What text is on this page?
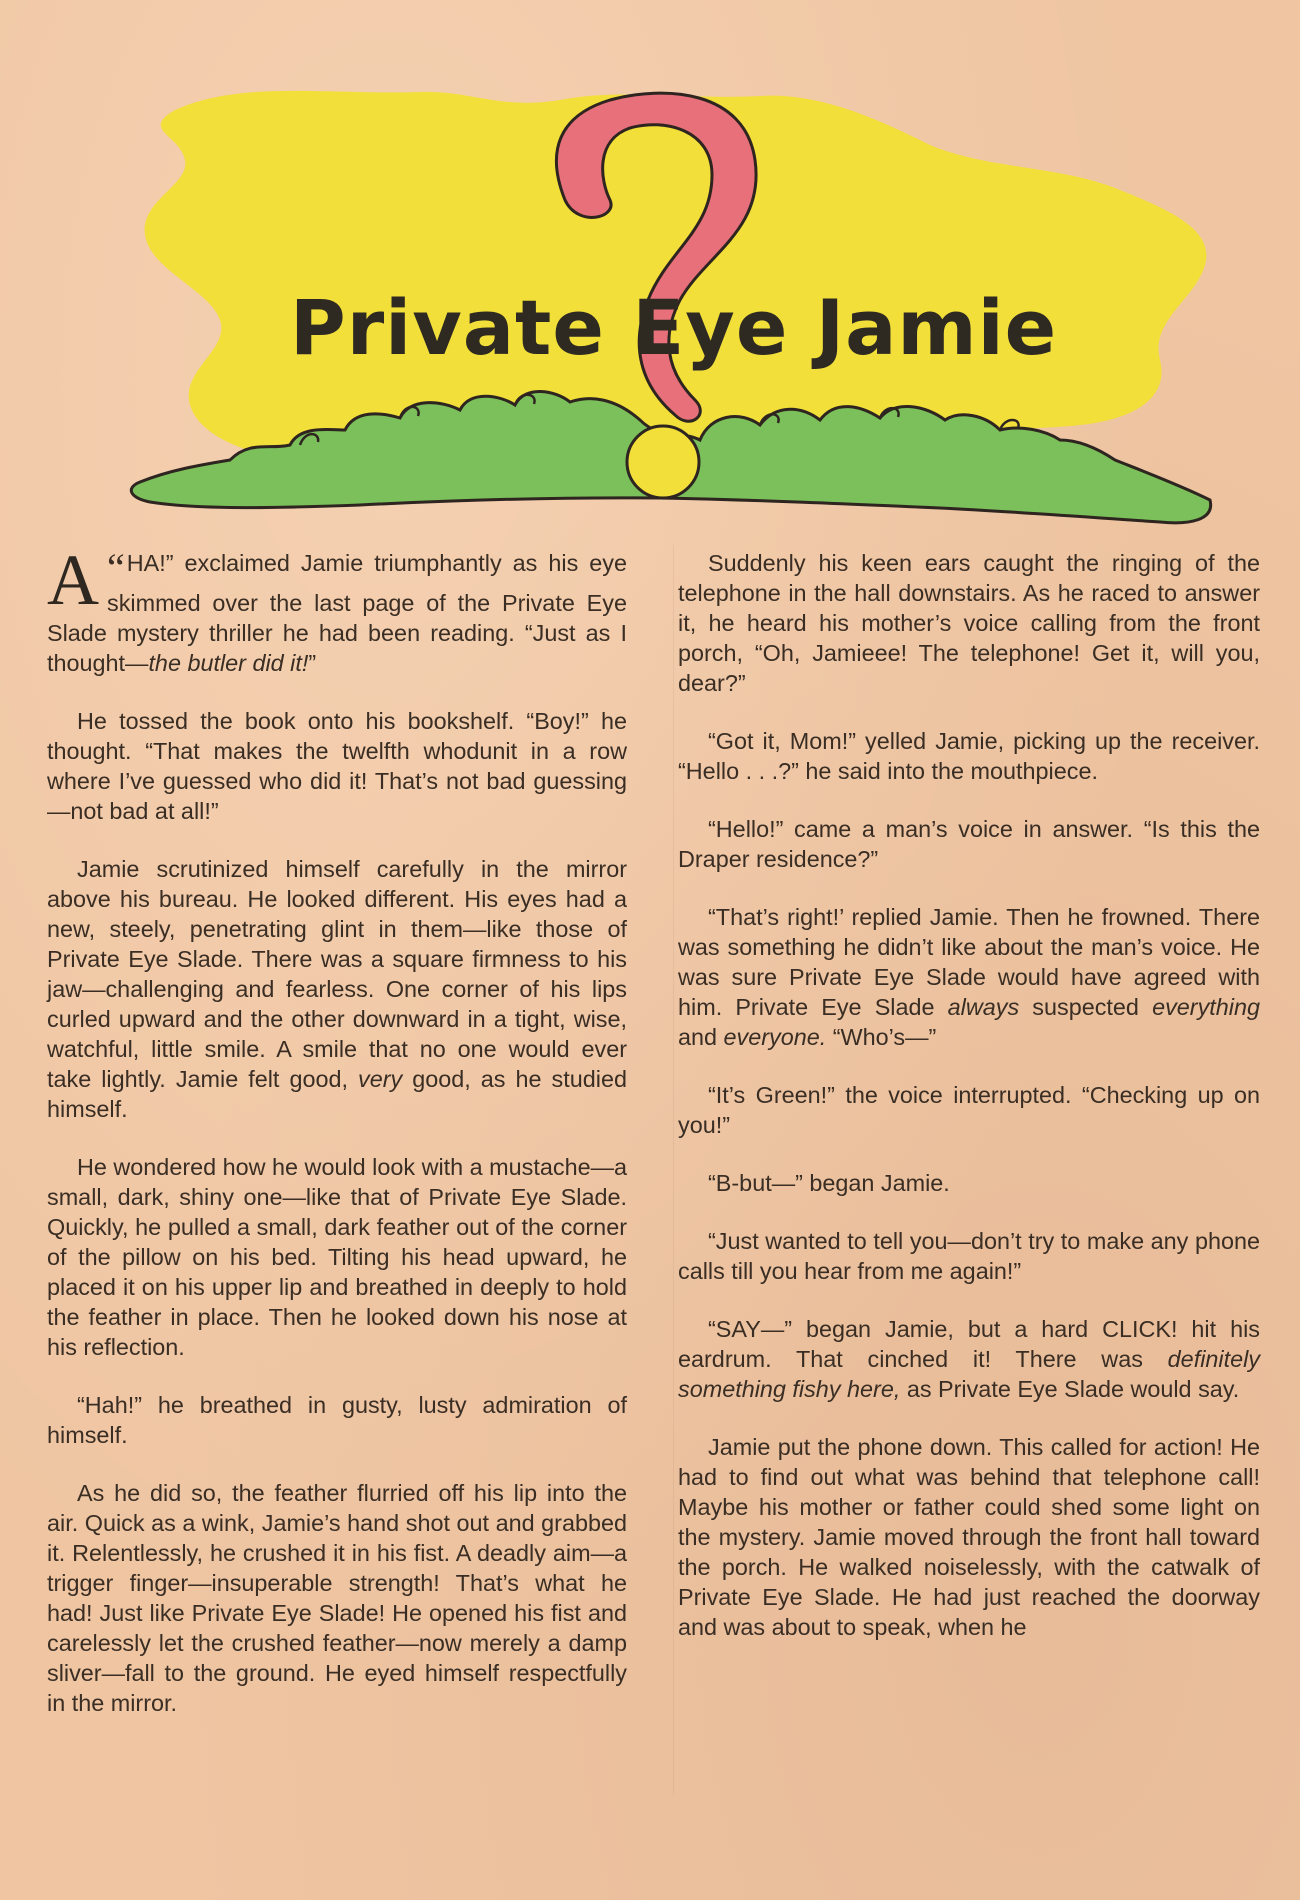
Private Eye Jamie

“
A HA!” exclaimed Jamie triumphantly as his eye skimmed over the last page of the Private Eye Slade mystery thriller he had been reading. “Just as I thought—the butler did it!”

He tossed the book onto his bookshelf. “Boy!” he thought. “That makes the twelfth whodunit in a row where I’ve guessed who did it! That’s not bad guessing—not bad at all!”

Jamie scrutinized himself carefully in the mirror above his bureau. He looked different. His eyes had a new, steely, penetrating glint in them—like those of Private Eye Slade. There was a square firmness to his jaw—challenging and fearless. One corner of his lips curled upward and the other downward in a tight, wise, watchful, little smile. A smile that no one would ever take lightly. Jamie felt good, very good, as he studied himself.

He wondered how he would look with a mustache—a small, dark, shiny one—like that of Private Eye Slade. Quickly, he pulled a small, dark feather out of the corner of the pillow on his bed. Tilting his head upward, he placed it on his upper lip and breathed in deeply to hold the feather in place. Then he looked down his nose at his reflection.

“Hah!” he breathed in gusty, lusty admiration of himself.

As he did so, the feather flurried off his lip into the air. Quick as a wink, Jamie’s hand shot out and grabbed it. Relentlessly, he crushed it in his fist. A deadly aim—a trigger finger—insuperable strength! That’s what he had! Just like Private Eye Slade! He opened his fist and carelessly let the crushed feather—now merely a damp sliver—fall to the ground. He eyed himself respectfully in the mirror.

Suddenly his keen ears caught the ringing of the telephone in the hall downstairs. As he raced to answer it, he heard his mother’s voice calling from the front porch, “Oh, Jamieee! The telephone! Get it, will you, dear?”

“Got it, Mom!” yelled Jamie, picking up the receiver. “Hello . . .?” he said into the mouthpiece.

“Hello!” came a man’s voice in answer. “Is this the Draper residence?”

“That’s right!’ replied Jamie. Then he frowned. There was something he didn’t like about the man’s voice. He was sure Private Eye Slade would have agreed with him. Private Eye Slade always suspected everything and everyone. “Who’s—”

“It’s Green!” the voice interrupted. “Checking up on you!”

“B-but—” began Jamie.

“Just wanted to tell you—don’t try to make any phone calls till you hear from me again!”

“SAY—” began Jamie, but a hard CLICK! hit his eardrum. That cinched it! There was definitely something fishy here, as Private Eye Slade would say.

Jamie put the phone down. This called for action! He had to find out what was behind that telephone call! Maybe his mother or father could shed some light on the mystery. Jamie moved through the front hall toward the porch. He walked noiselessly, with the catwalk of Private Eye Slade. He had just reached the doorway and was about to speak, when he
